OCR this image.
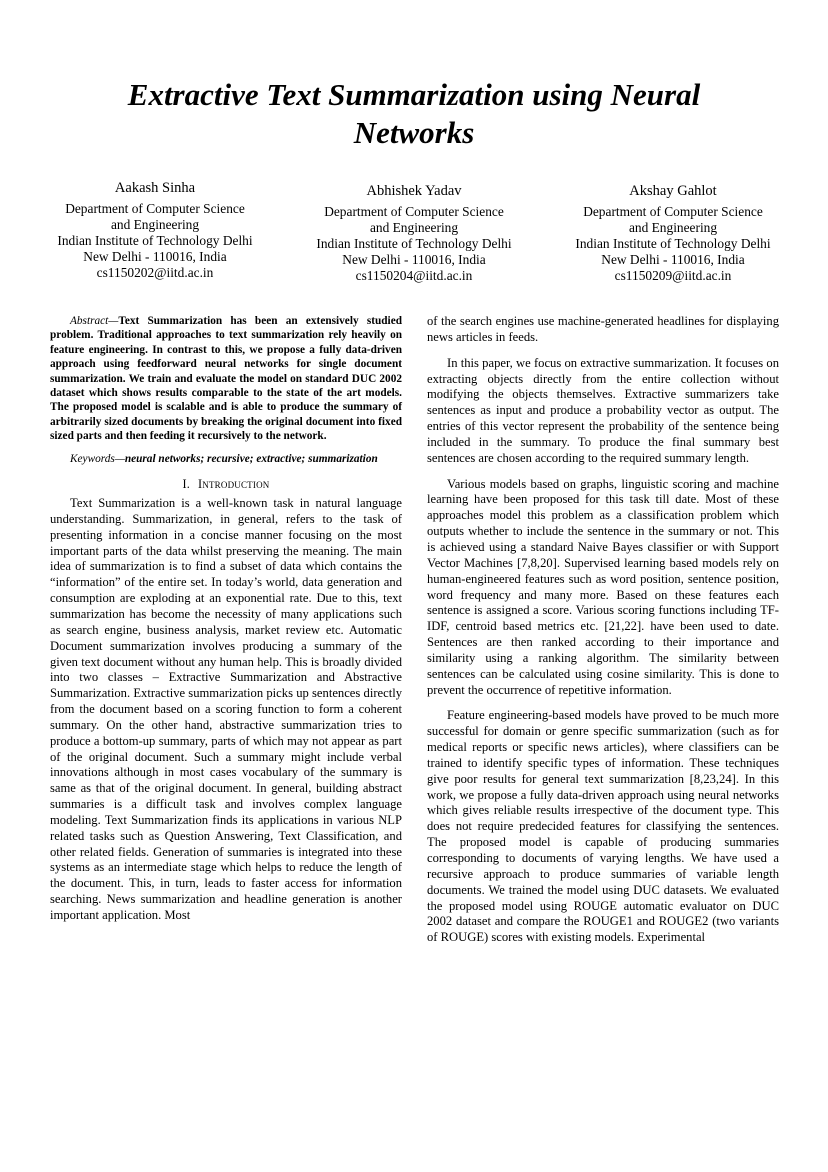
Extractive Text Summarization using Neural Networks
Aakash Sinha
Department of Computer Science
and Engineering
Indian Institute of Technology Delhi
New Delhi - 110016, India
cs1150202@iitd.ac.in
Abhishek Yadav
Department of Computer Science
and Engineering
Indian Institute of Technology Delhi
New Delhi - 110016, India
cs1150204@iitd.ac.in
Akshay Gahlot
Department of Computer Science
and Engineering
Indian Institute of Technology Delhi
New Delhi - 110016, India
cs1150209@iitd.ac.in

Abstract—Text Summarization has been an extensively studied problem. Traditional approaches to text summarization rely heavily on feature engineering. In contrast to this, we propose a fully data-driven approach using feedforward neural networks for single document summarization. We train and evaluate the model on standard DUC 2002 dataset which shows results comparable to the state of the art models. The proposed model is scalable and is able to produce the summary of arbitrarily sized documents by breaking the original document into fixed sized parts and then feeding it recursively to the network.

Keywords—neural networks; recursive; extractive; summarization

I. Introduction

Text Summarization is a well-known task in natural language understanding. Summarization, in general, refers to the task of presenting information in a concise manner focusing on the most important parts of the data whilst preserving the meaning. The main idea of summarization is to find a subset of data which contains the “information” of the entire set. In today’s world, data generation and consumption are exploding at an exponential rate. Due to this, text summarization has become the necessity of many applications such as search engine, business analysis, market review etc. Automatic Document summarization involves producing a summary of the given text document without any human help. This is broadly divided into two classes – Extractive Summarization and Abstractive Summarization. Extractive summarization picks up sentences directly from the document based on a scoring function to form a coherent summary. On the other hand, abstractive summarization tries to produce a bottom-up summary, parts of which may not appear as part of the original document. Such a summary might include verbal innovations although in most cases vocabulary of the summary is same as that of the original document. In general, building abstract summaries is a difficult task and involves complex language modeling. Text Summarization finds its applications in various NLP related tasks such as Question Answering, Text Classification, and other related fields. Generation of summaries is integrated into these systems as an intermediate stage which helps to reduce the length of the document. This, in turn, leads to faster access for information searching. News summarization and headline generation is another important application. Most

of the search engines use machine-generated headlines for displaying news articles in feeds.

In this paper, we focus on extractive summarization. It focuses on extracting objects directly from the entire collection without modifying the objects themselves. Extractive summarizers take sentences as input and produce a probability vector as output. The entries of this vector represent the probability of the sentence being included in the summary. To produce the final summary best sentences are chosen according to the required summary length.

Various models based on graphs, linguistic scoring and machine learning have been proposed for this task till date. Most of these approaches model this problem as a classification problem which outputs whether to include the sentence in the summary or not. This is achieved using a standard Naive Bayes classifier or with Support Vector Machines [7,8,20]. Supervised learning based models rely on human-engineered features such as word position, sentence position, word frequency and many more. Based on these features each sentence is assigned a score. Various scoring functions including TF-IDF, centroid based metrics etc. [21,22]. have been used to date. Sentences are then ranked according to their importance and similarity using a ranking algorithm. The similarity between sentences can be calculated using cosine similarity. This is done to prevent the occurrence of repetitive information.

Feature engineering-based models have proved to be much more successful for domain or genre specific summarization (such as for medical reports or specific news articles), where classifiers can be trained to identify specific types of information. These techniques give poor results for general text summarization [8,23,24]. In this work, we propose a fully data-driven approach using neural networks which gives reliable results irrespective of the document type. This does not require predecided features for classifying the sentences. The proposed model is capable of producing summaries corresponding to documents of varying lengths. We have used a recursive approach to produce summaries of variable length documents. We trained the model using DUC datasets. We evaluated the proposed model using ROUGE automatic evaluator on DUC 2002 dataset and compare the ROUGE1 and ROUGE2 (two variants of ROUGE) scores with existing models. Experimental
